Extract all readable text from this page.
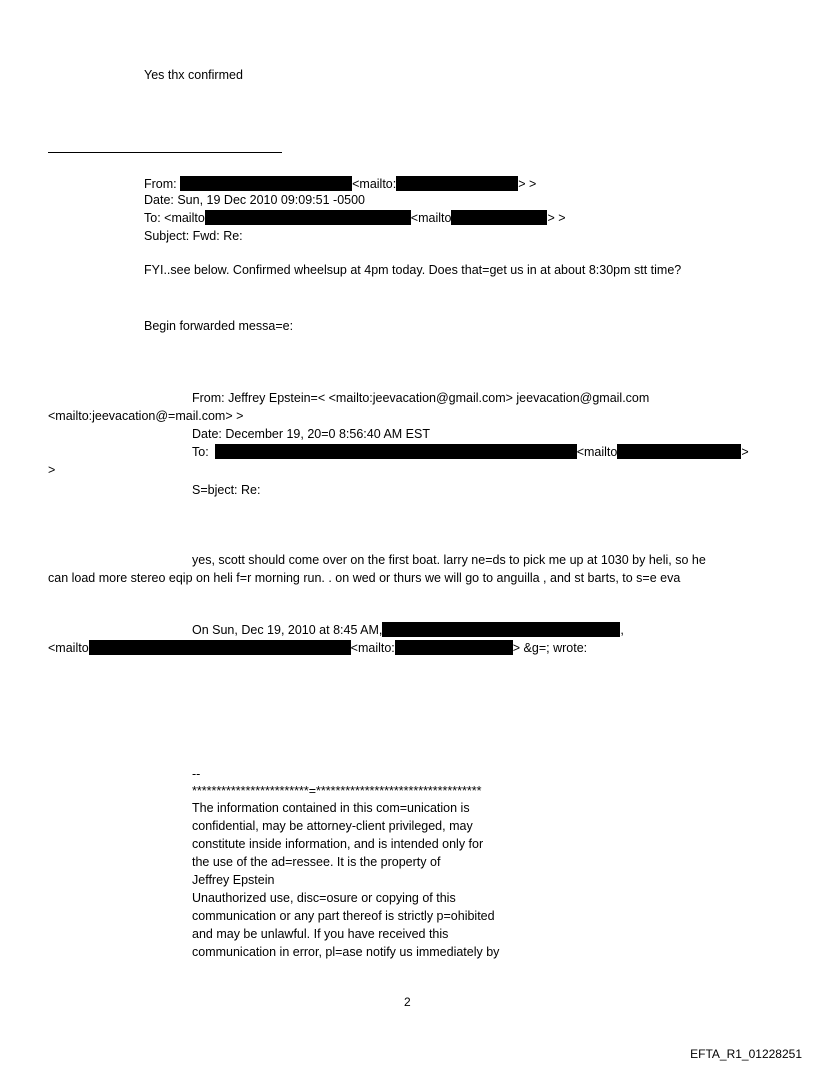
Yes thx confirmed
From:	<mailto:	> >
Date: Sun, 19 Dec 2010 09:09:51 -0500
To: <mailto	<mailto	> >
Subject: Fwd: Re:
FYI..see below. Confirmed wheelsup at 4pm today. Does that=get us in at about 8:30pm stt time?
Begin forwarded messa=e:
From: Jeffrey Epstein=< <mailto:jeevacation@gmail.com> jeevacation@gmail.com
<mailto:jeevacation@=mail.com> >
Date: December 19, 20=0 8:56:40 AM EST
To:	<mailto	>
>
S=bject: Re:
yes, scott should come over on the first boat. larry ne=ds to pick me up at 1030 by heli, so he
can load more stereo eqip on heli f=r morning run. . on wed or thurs we will go to anguilla , and st barts, to s=e eva
On Sun, Dec 19, 2010 at 8:45 AM,	,
<mailto	<mailto:	> &g=; wrote:
--
************************=**********************************
The information contained in this com=unication is
confidential, may be attorney-client privileged, may
constitute inside information, and is intended only for
the use of the ad=ressee. It is the property of
Jeffrey Epstein
Unauthorized use, disc=osure or copying of this
communication or any part thereof is strictly p=ohibited
and may be unlawful. If you have received this
communication in error, pl=ase notify us immediately by
2
EFTA_R1_01228251
